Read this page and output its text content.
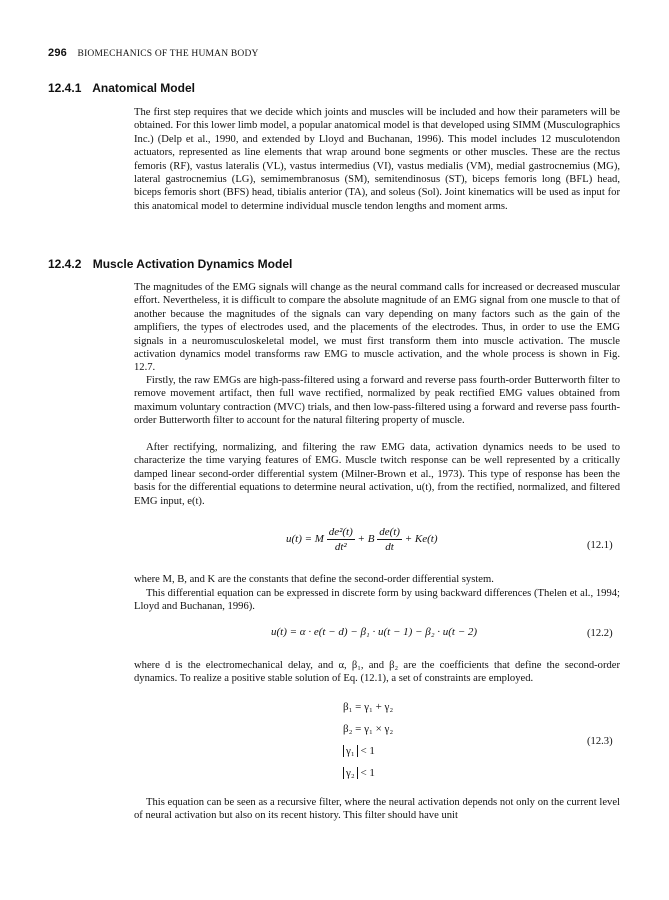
296 BIOMECHANICS OF THE HUMAN BODY
12.4.1 Anatomical Model

The first step requires that we decide which joints and muscles will be included and how their parameters will be obtained. For this lower limb model, a popular anatomical model is that developed using SIMM (Musculographics Inc.) (Delp et al., 1990, and extended by Lloyd and Buchanan, 1996). This model includes 12 musculotendon actuators, represented as line elements that wrap around bone segments or other muscles. These are the rectus femoris (RF), vastus lateralis (VL), vastus intermedius (VI), vastus medialis (VM), medial gastrocnemius (MG), lateral gastrocnemius (LG), semimembranosus (SM), semitendinosus (ST), biceps femoris long (BFL) head, biceps femoris short (BFS) head, tibialis anterior (TA), and soleus (Sol). Joint kinematics will be used as input for this anatomical model to determine individual muscle tendon lengths and moment arms.

12.4.2 Muscle Activation Dynamics Model

The magnitudes of the EMG signals will change as the neural command calls for increased or decreased muscular effort. Nevertheless, it is difficult to compare the absolute magnitude of an EMG signal from one muscle to that of another because the magnitudes of the signals can vary depending on many factors such as the gain of the amplifiers, the types of electrodes used, and the placements of the electrodes. Thus, in order to use the EMG signals in a neuromusculoskeletal model, we must first transform them into muscle activation. The muscle activation dynamics model transforms raw EMG to muscle activation, and the whole process is shown in Fig. 12.7.

Firstly, the raw EMGs are high-pass-filtered using a forward and reverse pass fourth-order Butterworth filter to remove movement artifact, then full wave rectified, normalized by peak rectified EMG values obtained from maximum voluntary contraction (MVC) trials, and then low-pass-filtered using a forward and reverse pass fourth-order Butterworth filter to account for the natural filtering property of muscle.

After rectifying, normalizing, and filtering the raw EMG data, activation dynamics needs to be used to characterize the time varying features of EMG. Muscle twitch response can be well represented by a critically damped linear second-order differential system (Milner-Brown et al., 1973). This type of response has been the basis for the differential equations to determine neural activation, u(t), from the rectified, normalized, and filtered EMG input, e(t).

u(t) = M $\frac{\text{de²(t)}}{\text{dt²}} + B \frac{de(t)}{dt} + Ke(t)$
(12.1)

where M, B, and K are the constants that define the second-order differential system.

This differential equation can be expressed in discrete form by using backward differences (Thelen et al., 1994; Lloyd and Buchanan, 1996).

u(t) = α · e(t − d) − β₁ · u(t − 1) − β₂ · u(t − 2)	(12.2)

where d is the electromechanical delay, and α, β₁, and β₂ are the coefficients that define the second-order dynamics. To realize a positive stable solution of Eq. (12.1), a set of constraints are employed.

β₁ = γ₁ + γ₂
β₂ = γ₁ × γ₂
γ₁ < 1
γ₂ < 1
(12.3)

This equation can be seen as a recursive filter, where the neural activation depends not only on the current level of neural activation but also on its recent history. This filter should have unit
